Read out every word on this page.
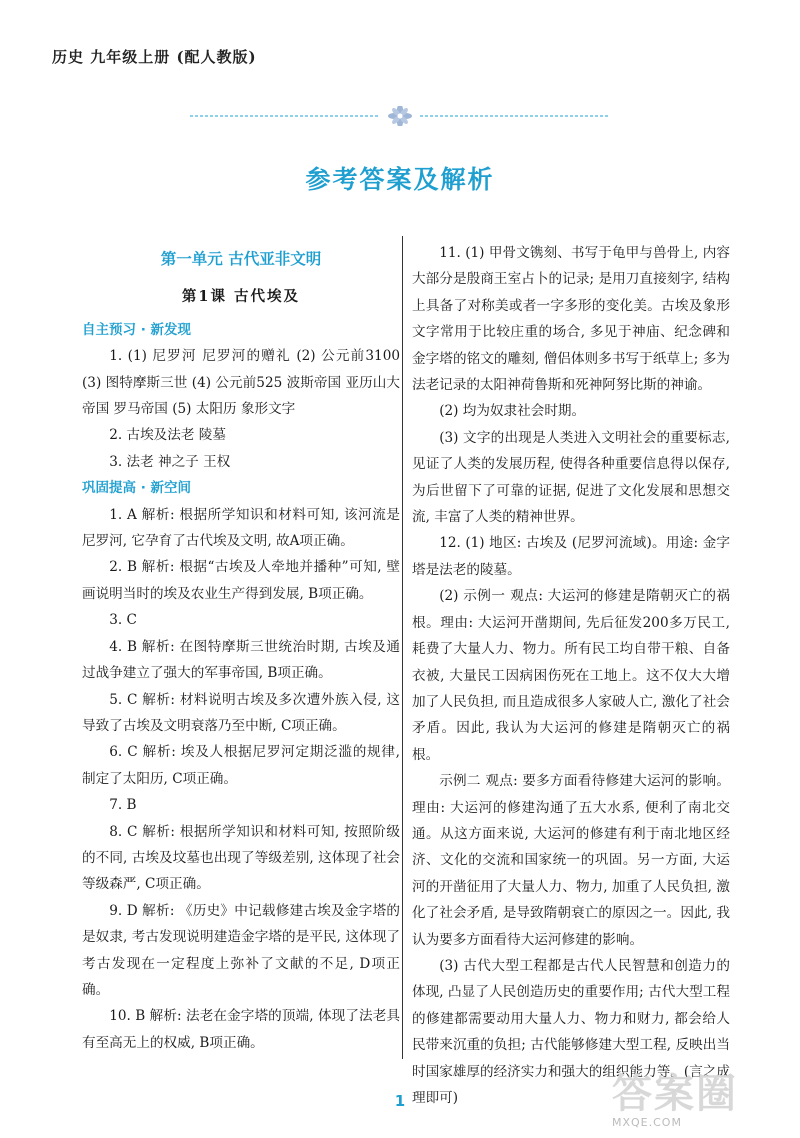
历史 九年级上册 (配人教版)
参考答案及解析

第一单元 古代亚非文明

第1课 古代埃及

自主预习 · 新发现

1. (1) 尼罗河 尼罗河的赠礼 (2) 公元前3100 (3) 图特摩斯三世 (4) 公元前525 波斯帝国 亚历山大帝国 罗马帝国 (5) 太阳历 象形文字

2. 古埃及法老 陵墓

3. 法老 神之子 王权

巩固提高 · 新空间

1. A 解析: 根据所学知识和材料可知, 该河流是尼罗河, 它孕育了古代埃及文明, 故A项正确。

2. B 解析: 根据“古埃及人牵地并播种”可知, 壁画说明当时的埃及农业生产得到发展, B项正确。

3. C

4. B 解析: 在图特摩斯三世统治时期, 古埃及通过战争建立了强大的军事帝国, B项正确。

5. C 解析: 材料说明古埃及多次遭外族入侵, 这导致了古埃及文明衰落乃至中断, C项正确。

6. C 解析: 埃及人根据尼罗河定期泛滥的规律, 制定了太阳历, C项正确。

7. B

8. C 解析: 根据所学知识和材料可知, 按照阶级的不同, 古埃及坟墓也出现了等级差别, 这体现了社会等级森严, C项正确。

9. D 解析: 《历史》中记载修建古埃及金字塔的是奴隶, 考古发现说明建造金字塔的是平民, 这体现了考古发现在一定程度上弥补了文献的不足, D项正确。

10. B 解析: 法老在金字塔的顶端, 体现了法老具有至高无上的权威, B项正确。

11. (1) 甲骨文镌刻、书写于龟甲与兽骨上, 内容大部分是殷商王室占卜的记录; 是用刀直接刻字, 结构上具备了对称美或者一字多形的变化美。古埃及象形文字常用于比较庄重的场合, 多见于神庙、纪念碑和金字塔的铭文的雕刻, 僧侣体则多书写于纸草上; 多为法老记录的太阳神荷鲁斯和死神阿努比斯的神谕。

(2) 均为奴隶社会时期。

(3) 文字的出现是人类进入文明社会的重要标志, 见证了人类的发展历程, 使得各种重要信息得以保存, 为后世留下了可靠的证据, 促进了文化发展和思想交流, 丰富了人类的精神世界。

12. (1) 地区: 古埃及 (尼罗河流域)。用途: 金字塔是法老的陵墓。

(2) 示例一 观点: 大运河的修建是隋朝灭亡的祸根。理由: 大运河开凿期间, 先后征发200多万民工, 耗费了大量人力、物力。所有民工均自带干粮、自备衣被, 大量民工因病困伤死在工地上。这不仅大大增加了人民负担, 而且造成很多人家破人亡, 激化了社会矛盾。因此, 我认为大运河的修建是隋朝灭亡的祸根。

示例二 观点: 要多方面看待修建大运河的影响。理由: 大运河的修建沟通了五大水系, 便利了南北交通。从这方面来说, 大运河的修建有利于南北地区经济、文化的交流和国家统一的巩固。另一方面, 大运河的开凿征用了大量人力、物力, 加重了人民负担, 激化了社会矛盾, 是导致隋朝衰亡的原因之一。因此, 我认为要多方面看待大运河修建的影响。

(3) 古代大型工程都是古代人民智慧和创造力的体现, 凸显了人民创造历史的重要作用; 古代大型工程的修建都需要动用大量人力、物力和财力, 都会给人民带来沉重的负担; 古代能够修建大型工程, 反映出当时国家雄厚的经济实力和强大的组织能力等。(言之成理即可)

1	答案圈
MXQE.COM
